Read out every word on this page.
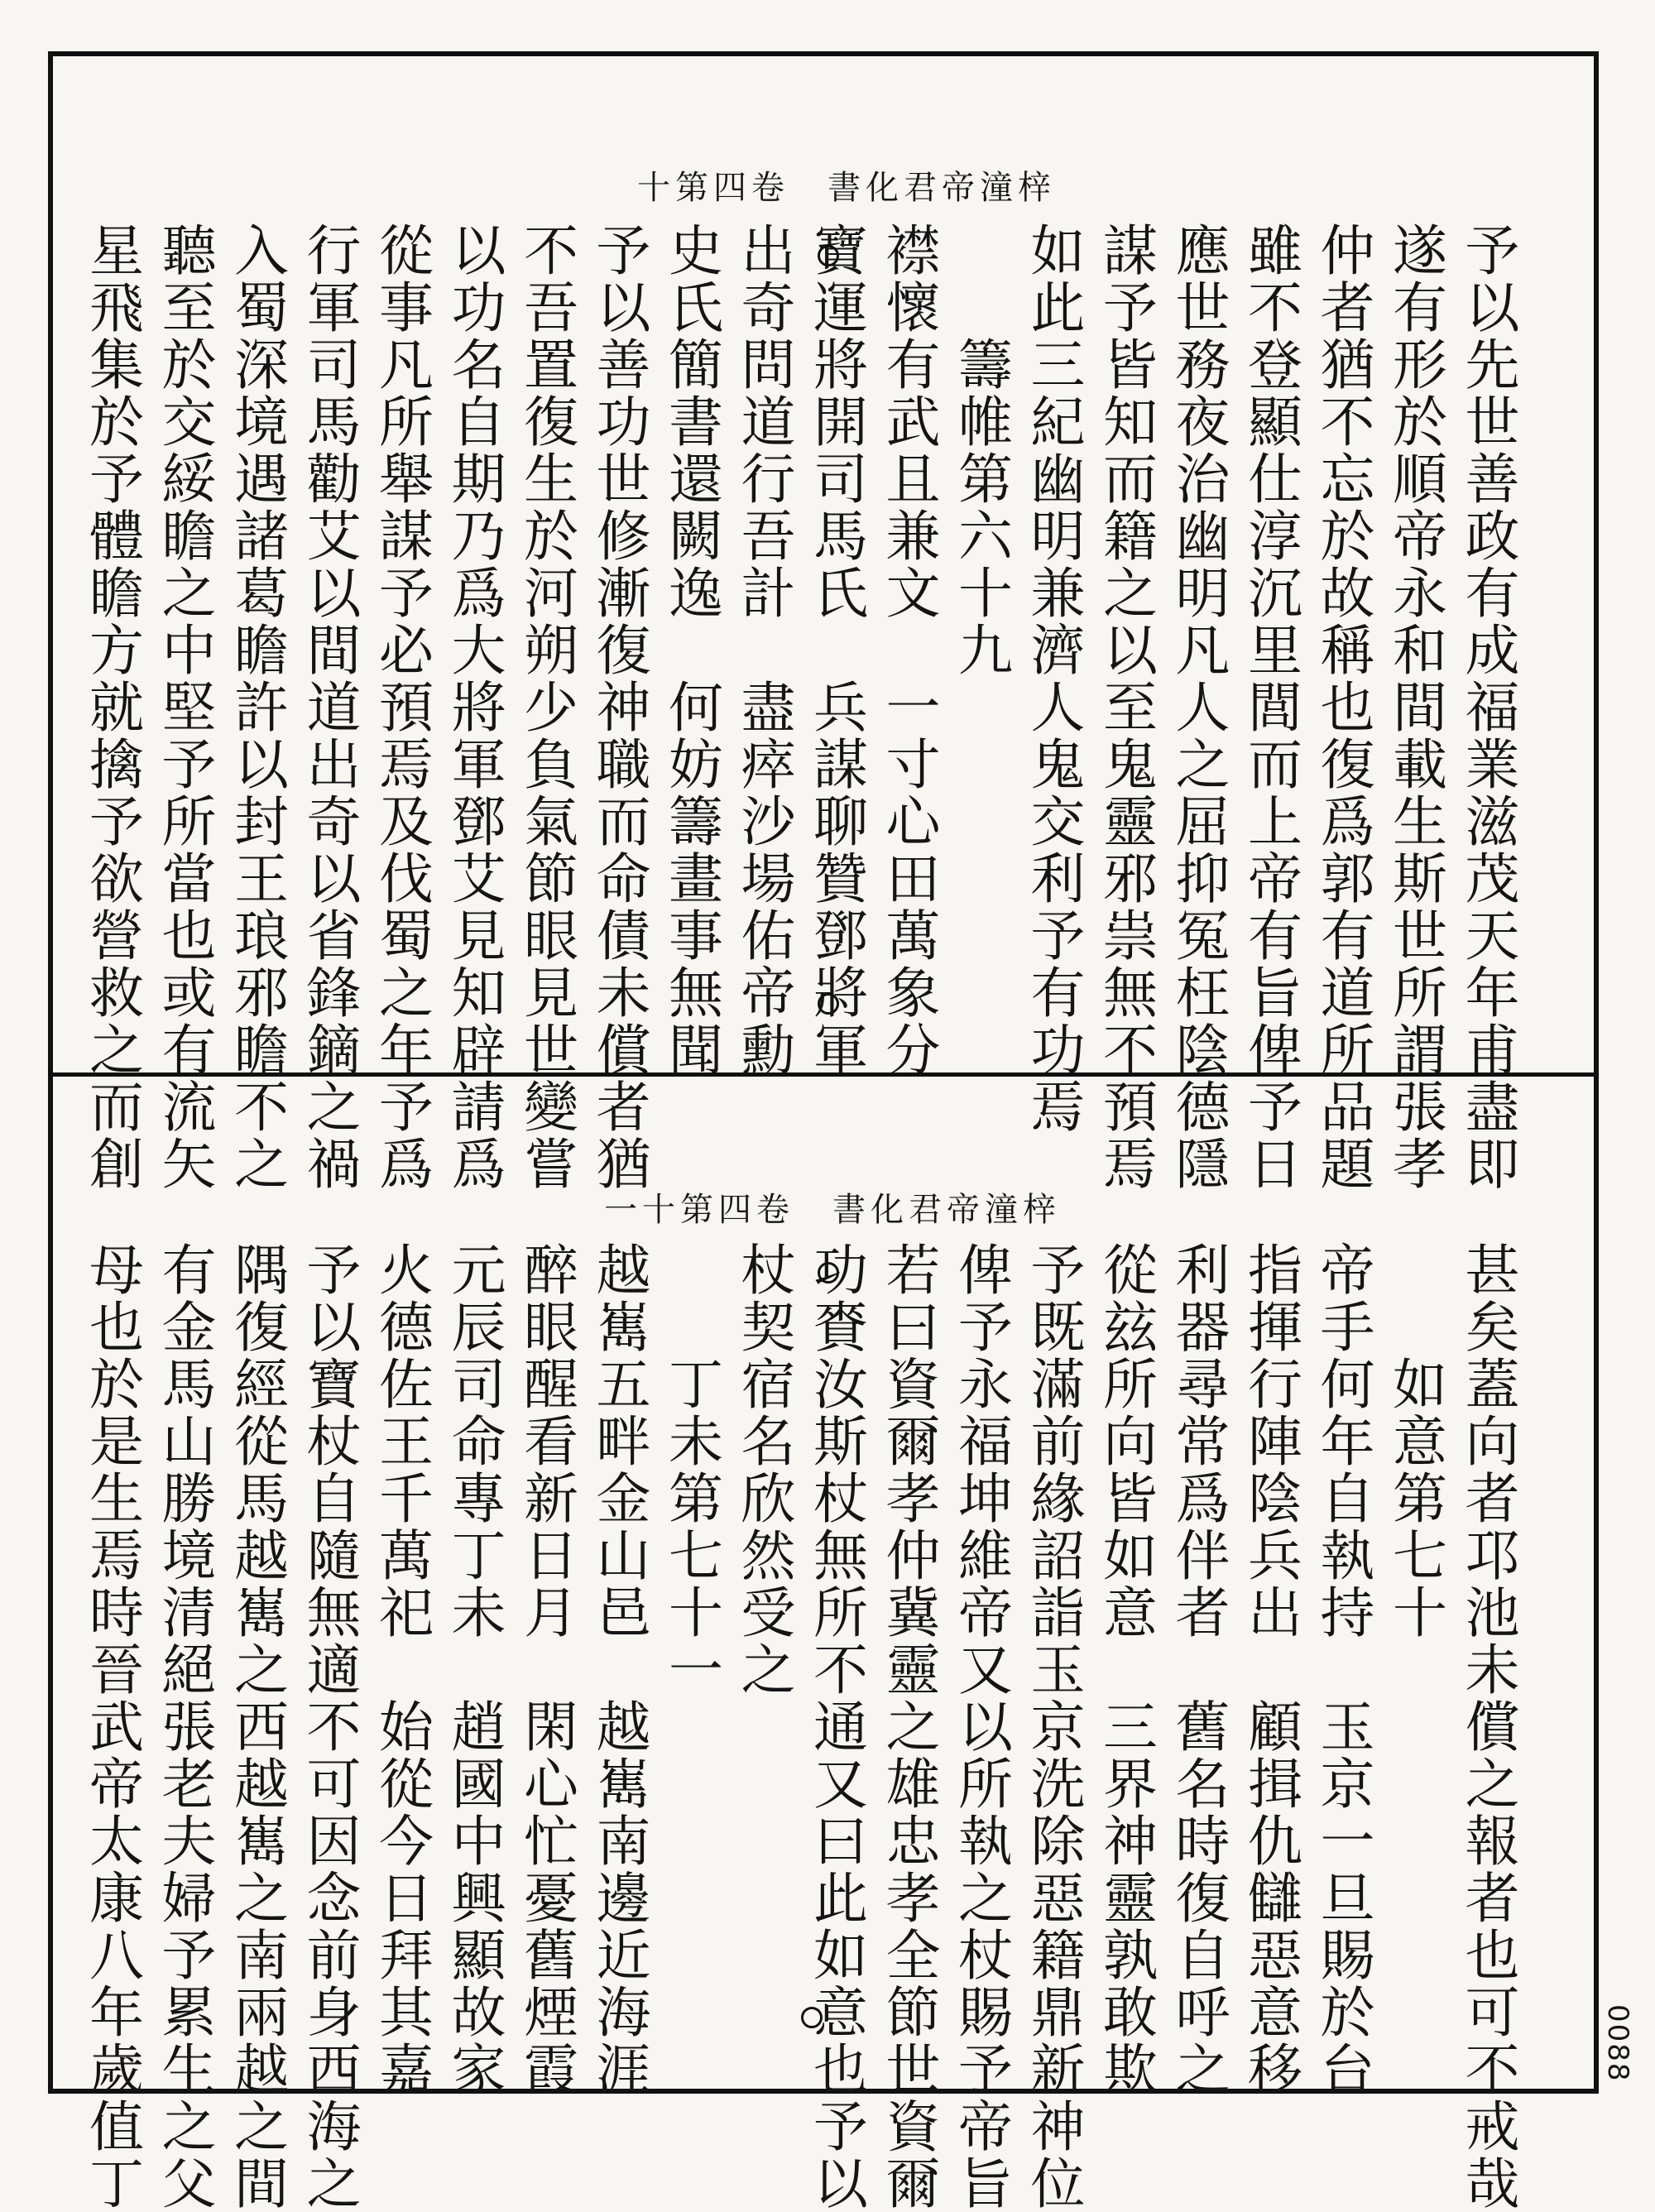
梓潼帝君化書　卷四第十
予以先世善政有成福業滋茂天年甫盡即
遂有形於順帝永和間載生斯世所謂張孝
仲者猶不忘於故稱也復爲郭有道所品題
雖不登顯仕淳沉里閭而上帝有旨俾予日
應世務夜治幽明凡人之屈抑冤枉陰德隱
謀予皆知而籍之以至鬼靈邪祟無不預焉
如此三紀幽明兼濟人鬼交利予有功焉
　　籌帷第六十九
襟懷有武且兼文　一寸心田萬象分
寶運將開司馬氏　兵謀聊贊鄧將軍
出奇問道行吾計　盡瘁沙場佑帝勳
史氏簡書還闕逸　何妨籌畫事無聞
予以善功世修漸復神職而命債未償者猶
不吾置復生於河朔少負氣節眼見世變嘗
以功名自期乃爲大將軍鄧艾見知辟請爲
從事凡所舉謀予必預焉及伐蜀之年予爲
行軍司馬勸艾以間道出奇以省鋒鏑之禍
入蜀深境遇諸葛瞻許以封王琅邪瞻不之
聽至於交綏瞻之中堅予所當也或有流矢
星飛集於予體瞻方就擒予欲營救之而創
梓潼帝君化書　卷四第十一
甚矣蓋向者邛池未償之報者也可不戒哉
　　如意第七十
帝手何年自執持　玉京一旦賜於台
指揮行陣陰兵出　顧揖仇讎惡意移
利器尋常爲伴者　舊名時復自呼之
從玆所向皆如意　三界神靈孰敢欺
予既滿前緣詔詣玉京洗除惡籍鼎新神位
俾予永福坤維帝又以所執之杖賜予帝旨
若曰資爾孝仲冀靈之雄忠孝全節世資爾
功賚汝斯杖無所不通又曰此如意也予以
杖契宿名欣然受之
　　丁未第七十一
越嶲五畔金山邑　越嶲南邊近海涯
醉眼醒看新日月　閑心忙憂舊煙霞
元辰司命專丁未　趙國中興顯故家
火德佐王千萬祀　始從今日拜其嘉
予以寶杖自隨無適不可因念前身西海之
隅復經從馬越嶲之西越嶲之南兩越之間
有金馬山勝境清絕張老夫婦予累生之父
母也於是生焉時晉武帝太康八年歲值丁	0088
